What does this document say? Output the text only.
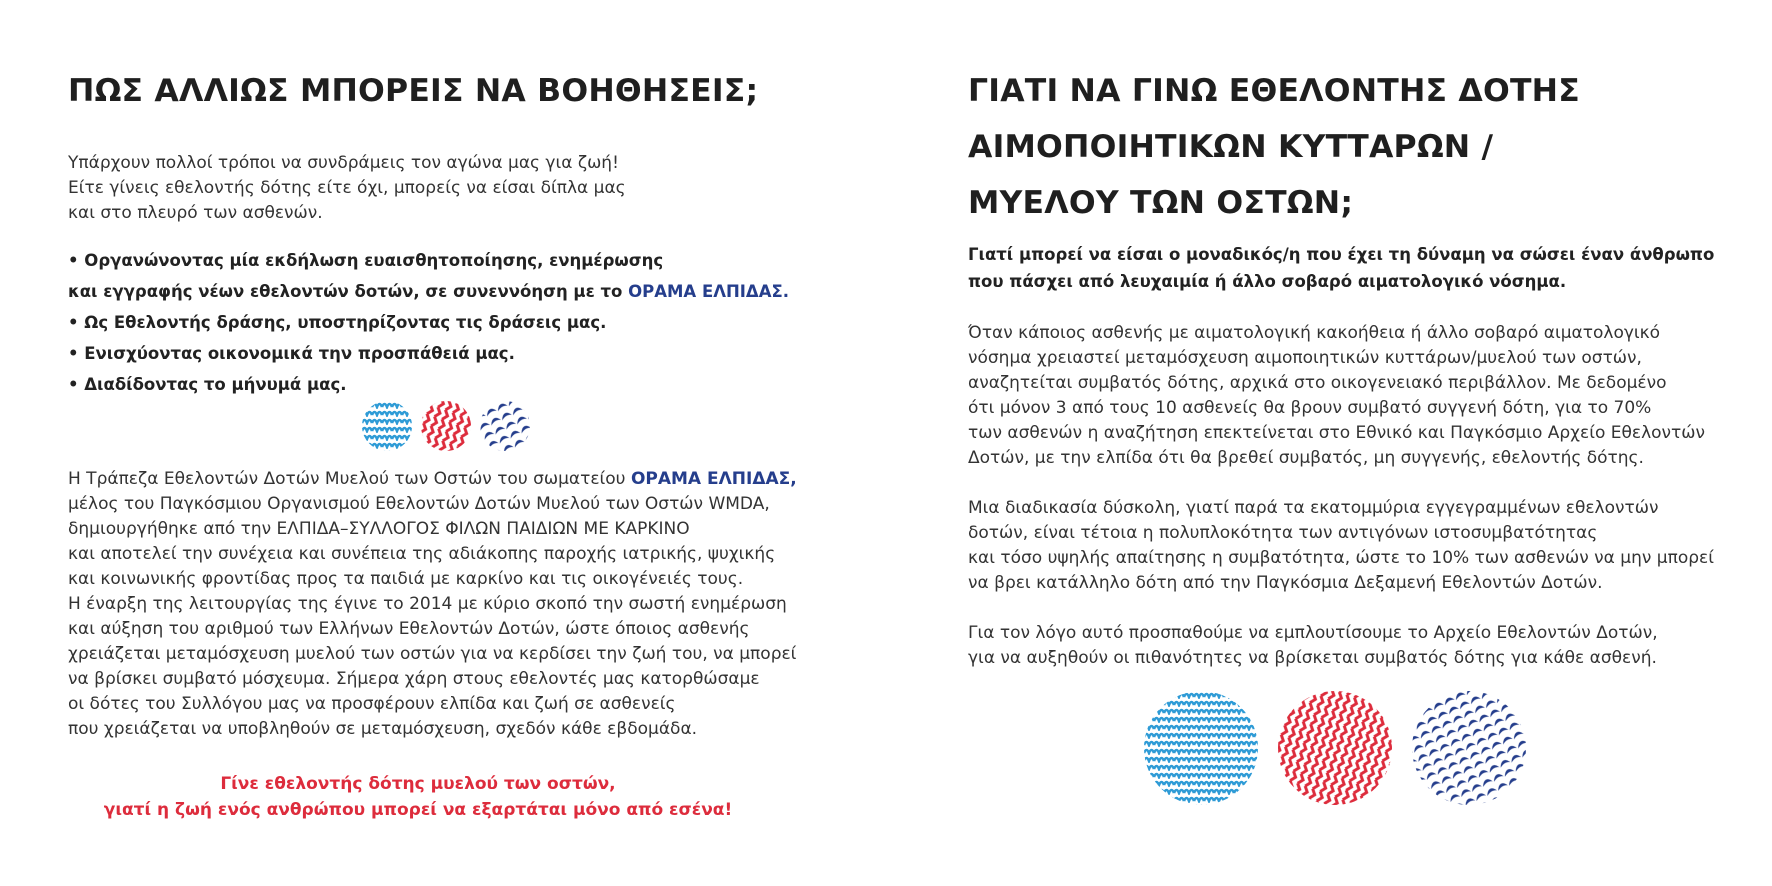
ΠΩΣ ΑΛΛΙΩΣ ΜΠΟΡΕΙΣ ΝΑ ΒΟΗΘΗΣΕΙΣ;
Υπάρχουν πολλοί τρόποι να συνδράμεις τον αγώνα μας για ζωή!
Είτε γίνεις εθελοντής δότης είτε όχι, μπορείς να είσαι δίπλα μας
και στο πλευρό των ασθενών.
• Οργανώνοντας μία εκδήλωση ευαισθητοποίησης, ενημέρωσης
και εγγραφής νέων εθελοντών δοτών, σε συνεννόηση με το ΟΡΑΜΑ ΕΛΠΙΔΑΣ.
• Ως Εθελοντής δράσης, υποστηρίζοντας τις δράσεις μας.
• Ενισχύοντας οικονομικά την προσπάθειά μας.
• Διαδίδοντας το μήνυμά μας.
Η Τράπεζα Εθελοντών Δοτών Μυελού των Οστών του σωματείου ΟΡΑΜΑ ΕΛΠΙΔΑΣ,
μέλος του Παγκόσμιου Οργανισμού Εθελοντών Δοτών Μυελού των Οστών WMDA,
δημιουργήθηκε από την ΕΛΠΙΔΑ–ΣΥΛΛΟΓΟΣ ΦΙΛΩΝ ΠΑΙΔΙΩΝ ΜΕ ΚΑΡΚΙΝΟ
και αποτελεί την συνέχεια και συνέπεια της αδιάκοπης παροχής ιατρικής, ψυχικής
και κοινωνικής φροντίδας προς τα παιδιά με καρκίνο και τις οικογένειές τους.
Η έναρξη της λειτουργίας της έγινε το 2014 με κύριο σκοπό την σωστή ενημέρωση
και αύξηση του αριθμού των Ελλήνων Εθελοντών Δοτών, ώστε όποιος ασθενής
χρειάζεται μεταμόσχευση μυελού των οστών για να κερδίσει την ζωή του, να μπορεί
να βρίσκει συμβατό μόσχευμα. Σήμερα χάρη στους εθελοντές μας κατορθώσαμε
οι δότες του Συλλόγου μας να προσφέρουν ελπίδα και ζωή σε ασθενείς
που χρειάζεται να υποβληθούν σε μεταμόσχευση, σχεδόν κάθε εβδομάδα.
Γίνε εθελοντής δότης μυελού των οστών,
γιατί η ζωή ενός ανθρώπου μπορεί να εξαρτάται μόνο από εσένα!
ΓΙΑΤΙ ΝΑ ΓΙΝΩ ΕΘΕΛΟΝΤΗΣ ΔΟΤΗΣ
ΑΙΜΟΠΟΙΗΤΙΚΩΝ ΚΥΤΤΑΡΩΝ /
ΜΥΕΛΟΥ ΤΩΝ ΟΣΤΩΝ;
Γιατί μπορεί να είσαι ο μοναδικός/η που έχει τη δύναμη να σώσει έναν άνθρωπο
που πάσχει από λευχαιμία ή άλλο σοβαρό αιματολογικό νόσημα.
Όταν κάποιος ασθενής με αιματολογική κακοήθεια ή άλλο σοβαρό αιματολογικό
νόσημα χρειαστεί μεταμόσχευση αιμοποιητικών κυττάρων/μυελού των οστών,
αναζητείται συμβατός δότης, αρχικά στο οικογενειακό περιβάλλον. Με δεδομένο
ότι μόνον 3 από τους 10 ασθενείς θα βρουν συμβατό συγγενή δότη, για το 70%
των ασθενών η αναζήτηση επεκτείνεται στο Εθνικό και Παγκόσμιο Αρχείο Εθελοντών
Δοτών, με την ελπίδα ότι θα βρεθεί συμβατός, μη συγγενής, εθελοντής δότης.
Μια διαδικασία δύσκολη, γιατί παρά τα εκατομμύρια εγγεγραμμένων εθελοντών
δοτών, είναι τέτοια η πολυπλοκότητα των αντιγόνων ιστοσυμβατότητας
και τόσο υψηλής απαίτησης η συμβατότητα, ώστε το 10% των ασθενών να μην μπορεί
να βρει κατάλληλο δότη από την Παγκόσμια Δεξαμενή Εθελοντών Δοτών.
Για τον λόγο αυτό προσπαθούμε να εμπλουτίσουμε το Αρχείο Εθελοντών Δοτών,
για να αυξηθούν οι πιθανότητες να βρίσκεται συμβατός δότης για κάθε ασθενή.
